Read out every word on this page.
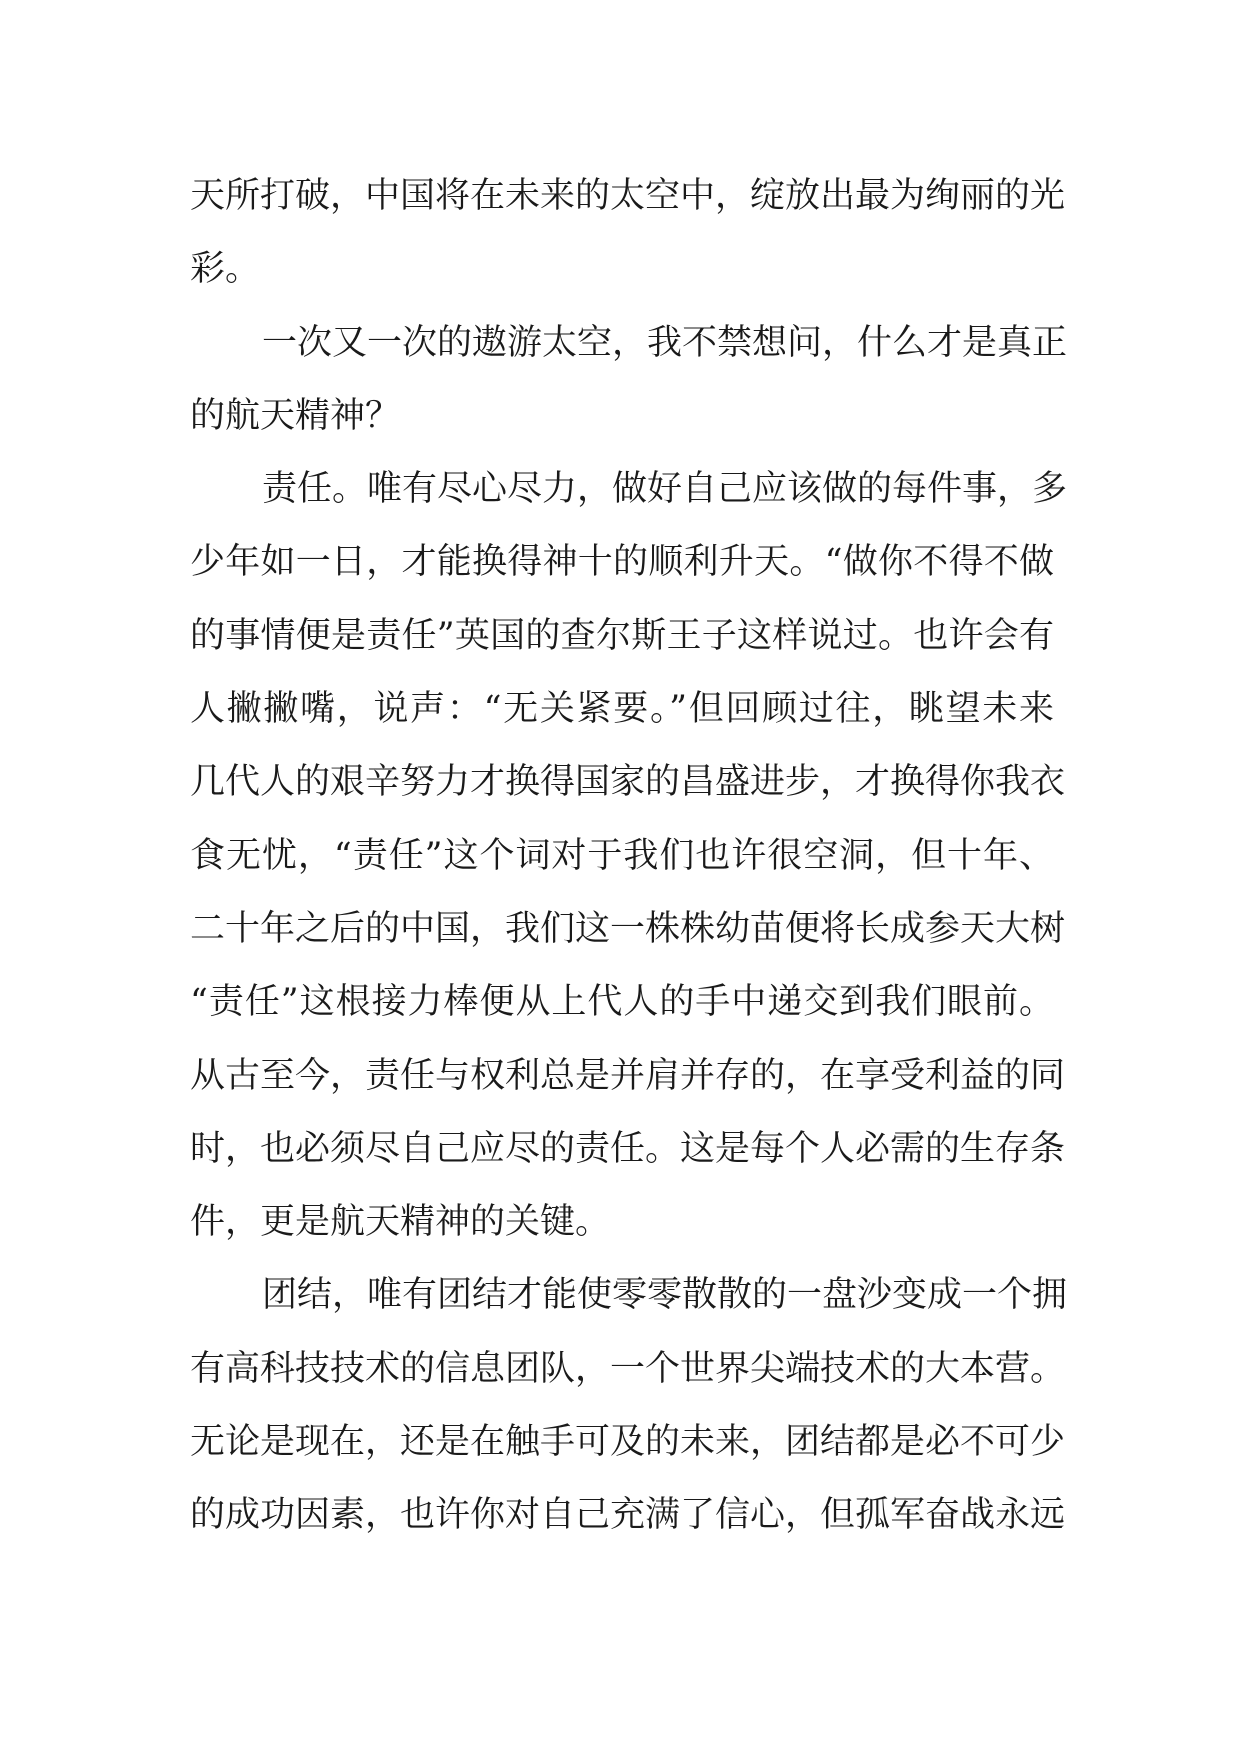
天所打破，中国将在未来的太空中，绽放出最为绚丽的光
彩。
一次又一次的遨游太空，我不禁想问，什么才是真正
的航天精神？
责任。唯有尽心尽力，做好自己应该做的每件事，多
少年如一日，才能换得神十的顺利升天。“做你不得不做
的事情便是责任”英国的查尔斯王子这样说过。也许会有
人撇撇嘴，说声：“无关紧要。”但回顾过往，眺望未来
几代人的艰辛努力才换得国家的昌盛进步，才换得你我衣
食无忧，“责任”这个词对于我们也许很空洞，但十年、
二十年之后的中国，我们这一株株幼苗便将长成参天大树
“责任”这根接力棒便从上代人的手中递交到我们眼前。
从古至今，责任与权利总是并肩并存的，在享受利益的同
时，也必须尽自己应尽的责任。这是每个人必需的生存条
件，更是航天精神的关键。
团结，唯有团结才能使零零散散的一盘沙变成一个拥
有高科技技术的信息团队，一个世界尖端技术的大本营。
无论是现在，还是在触手可及的未来，团结都是必不可少
的成功因素，也许你对自己充满了信心，但孤军奋战永远
